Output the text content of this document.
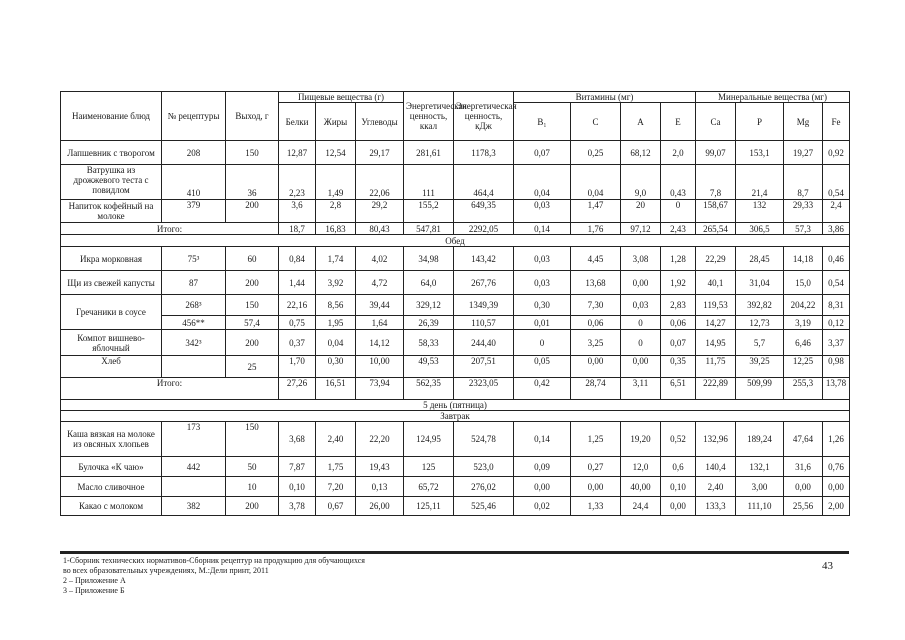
Наименование блюд	№ рецептуры	Выход, г	Пищевые вещества (г)			Энергетическая ценность, ккал	Энергетическая ценность, кДж	Витамины (мг)				Минеральные вещества (мг)			
			Белки	Жиры	Углеводы			B₁	C	A	E	Ca	P	Mg	Fe
Лапшевник с творогом	208	150	12,87	12,54	29,17	281,61	1178,3	0,07	0,25	68,12	2,0	99,07	153,1	19,27	0,92
Ватрушка из дрожжевого теста с повидлом	410	36	2,23	1,49	22,06	111	464,4	0,04	0,04	9,0	0,43	7,8	21,4	8,7	0,54
Напиток кофейный на молоке	379	200	3,6	2,8	29,2	155,2	649,35	0,03	1,47	20	0	158,67	132	29,33	2,4
Итого:			18,7	16,83	80,43	547,81	2292,05	0,14	1,76	97,12	2,43	265,54	306,5	57,3	3,86
Обед															
Икра морковная	75³	60	0,84	1,74	4,02	34,98	143,42	0,03	4,45	3,08	1,28	22,29	28,45	14,18	0,46
Щи из свежей капусты	87	200	1,44	3,92	4,72	64,0	267,76	0,03	13,68	0,00	1,92	40,1	31,04	15,0	0,54
Гречаники в соусе	268³	150	22,16	8,56	39,44	329,12	1349,39	0,30	7,30	0,03	2,83	119,53	392,82	204,22	8,31
	456**	57,4	0,75	1,95	1,64	26,39	110,57	0,01	0,06	0	0,06	14,27	12,73	3,19	0,12
Компот вишнево-яблочный	342³	200	0,37	0,04	14,12	58,33	244,40	0	3,25	0	0,07	14,95	5,7	6,46	3,37
Хлеб		25	1,70	0,30	10,00	49,53	207,51	0,05	0,00	0,00	0,35	11,75	39,25	12,25	0,98
Итого:			27,26	16,51	73,94	562,35	2323,05	0,42	28,74	3,11	6,51	222,89	509,99	255,3	13,78
5 день (пятница)															
Завтрак															
Каша вязкая на молоке из овсяных хлопьев	173	150	3,68	2,40	22,20	124,95	524,78	0,14	1,25	19,20	0,52	132,96	189,24	47,64	1,26
Булочка «К чаю»	442	50	7,87	1,75	19,43	125	523,0	0,09	0,27	12,0	0,6	140,4	132,1	31,6	0,76
Масло сливочное		10	0,10	7,20	0,13	65,72	276,02	0,00	0,00	40,00	0,10	2,40	3,00	0,00	0,00
Какао с молоком	382	200	3,78	0,67	26,00	125,11	525,46	0,02	1,33	24,4	0,00	133,3	111,10	25,56	2,00
1-Сборник технических нормативов-Сборник рецептур на продукцию для обучающихся
во всех образовательных учреждениях, М.:Дели принт, 2011
2 – Приложение А
3 – Приложение Б
43
